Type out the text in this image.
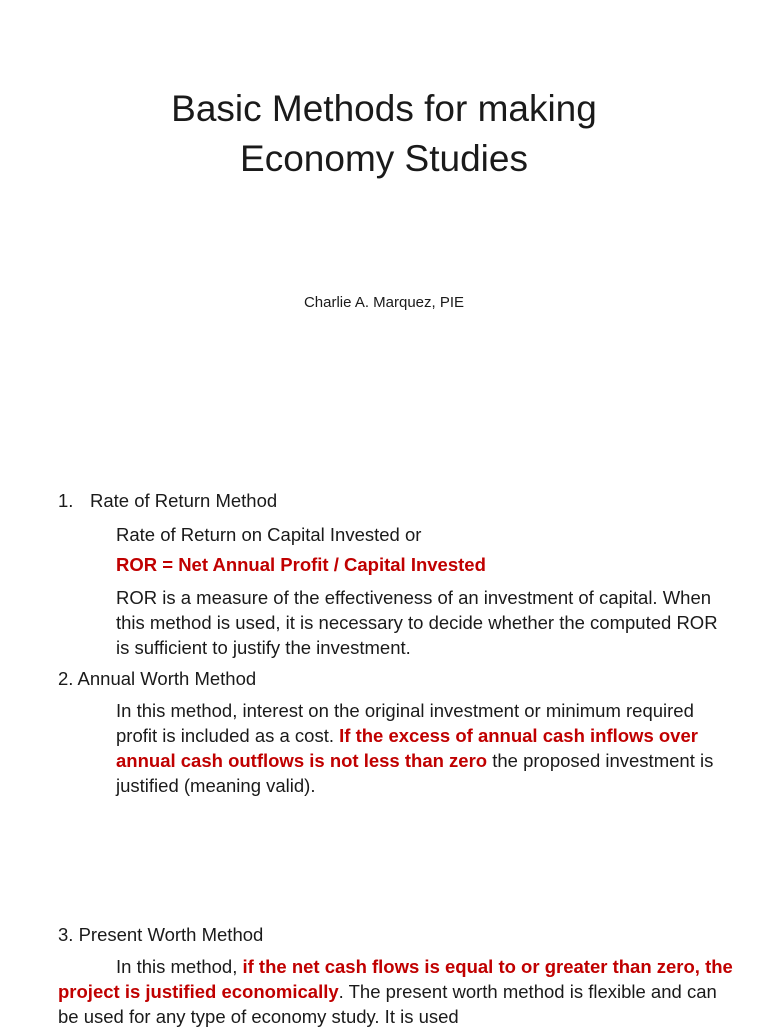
Basic Methods for making
Economy Studies
Charlie A. Marquez, PIE
1. Rate of Return Method
Rate of Return on Capital Invested or
ROR = Net Annual Profit / Capital Invested
ROR is a measure of the effectiveness of an investment of capital. When this method is used, it is necessary to decide whether the computed ROR is sufficient to justify the investment.
2. Annual Worth Method
In this method, interest on the original investment or minimum required profit is included as a cost. If the excess of annual cash inflows over annual cash outflows is not less than zero the proposed investment is justified (meaning valid).
3. Present Worth Method
In this method, if the net cash flows is equal to or greater than zero, the project is justified economically. The present worth method is flexible and can be used for any type of economy study. It is used
